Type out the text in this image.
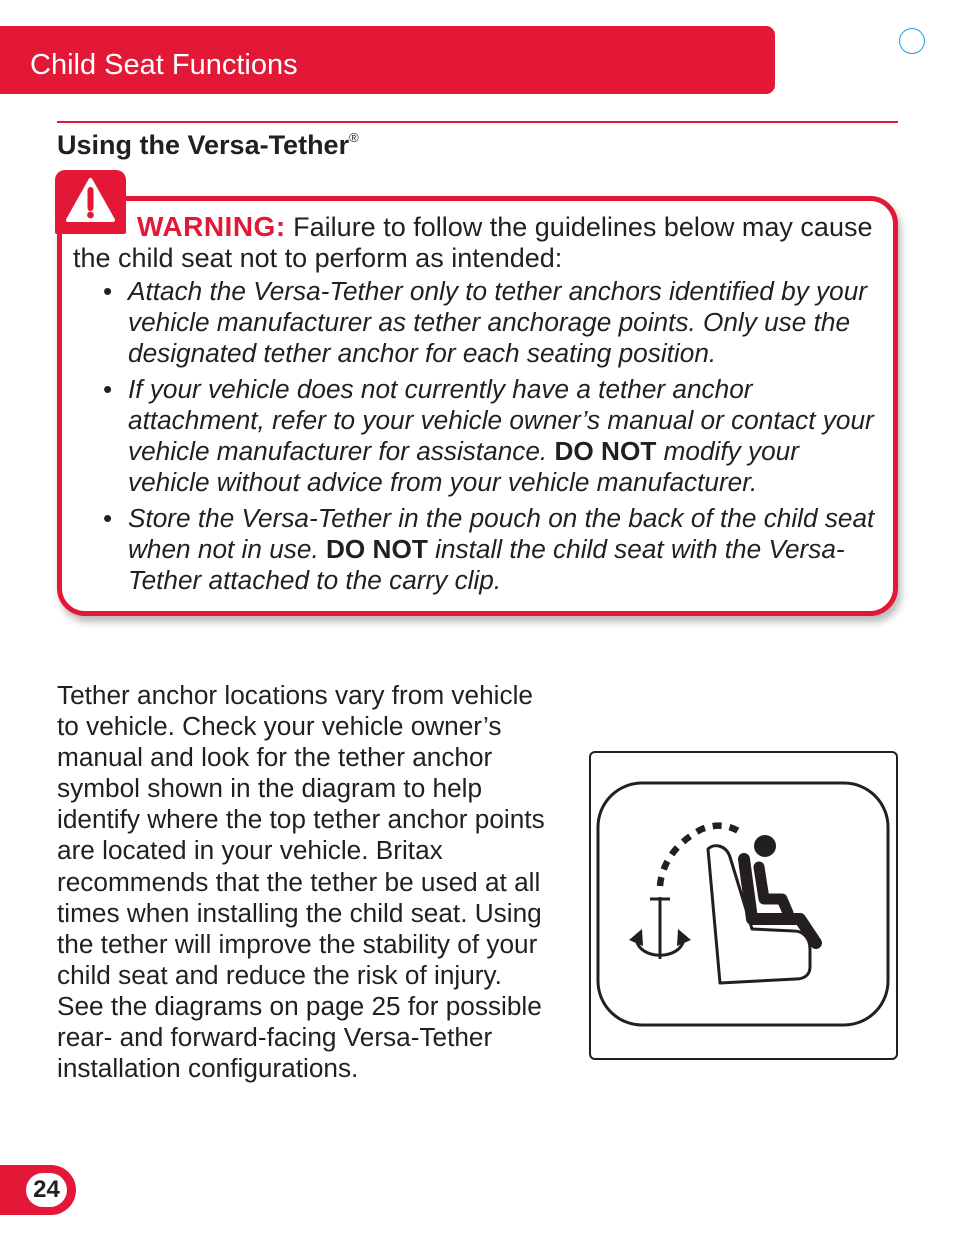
Child Seat Functions
Using the Versa-Tether®
WARNING: Failure to follow the guidelines below may cause the child seat not to perform as intended:
• Attach the Versa-Tether only to tether anchors identified by your vehicle manufacturer as tether anchorage points. Only use the designated tether anchor for each seating position.
• If your vehicle does not currently have a tether anchor attachment, refer to your vehicle owner’s manual or contact your vehicle manufacturer for assistance. DO NOT modify your vehicle without advice from your vehicle manufacturer.
• Store the Versa-Tether in the pouch on the back of the child seat when not in use. DO NOT install the child seat with the Versa-Tether attached to the carry clip.

Tether anchor locations vary from vehicle to vehicle. Check your vehicle owner’s manual and look for the tether anchor symbol shown in the diagram to help identify where the top tether anchor points are located in your vehicle. Britax recommends that the tether be used at all times when installing the child seat. Using the tether will improve the stability of your child seat and reduce the risk of injury. See the diagrams on page 25 for possible rear- and forward-facing Versa-Tether installation configurations.

24
